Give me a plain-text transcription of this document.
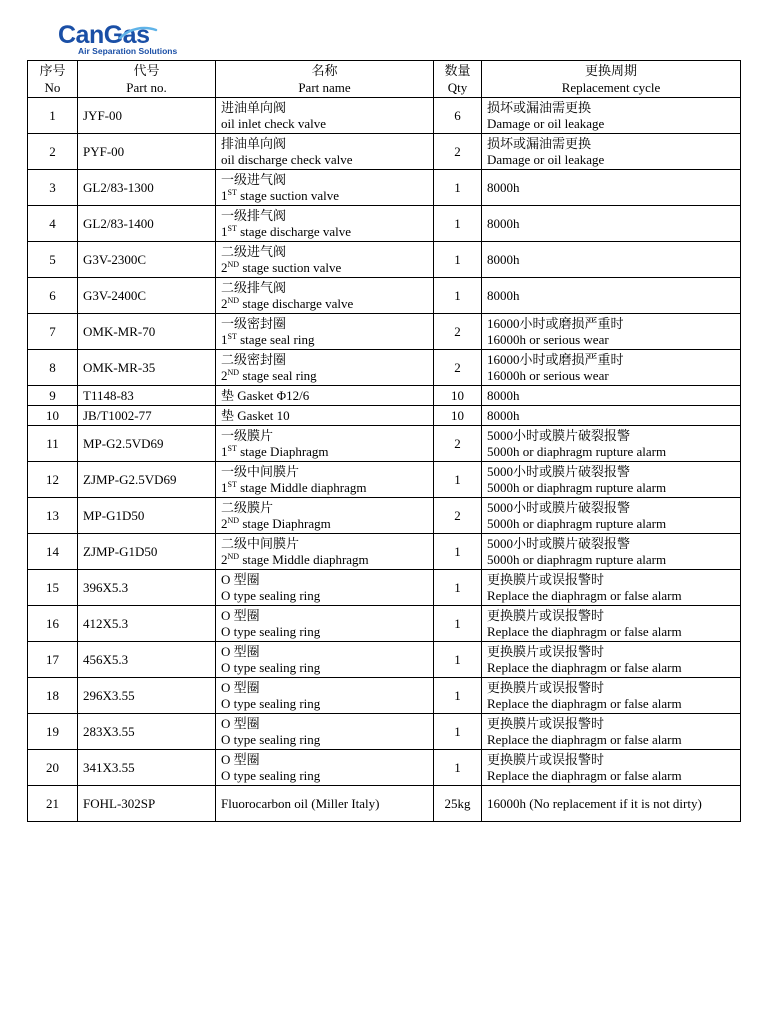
CanGas
Air Separation Solutions
序号
No	代号
Part no.	名称
Part name	数量
Qty	更换周期
Replacement cycle

1	JYF-00	进油单向阀
oil inlet check valve	6	损坏或漏油需更换
Damage or oil leakage

2	PYF-00	排油单向阀
oil discharge check valve	2	损坏或漏油需更换
Damage or oil leakage

3	GL2/83-1300	一级进气阀
1ST stage suction valve	1	8000h

4	GL2/83-1400	一级排气阀
1ST stage discharge valve	1	8000h

5	G3V-2300C	二级进气阀
2ND stage suction valve	1	8000h

6	G3V-2400C	二级排气阀
2ND stage discharge valve	1	8000h

7	OMK-MR-70	一级密封圈
1ST stage seal ring	2	16000小时或磨损严重时
16000h or serious wear

8	OMK-MR-35	二级密封圈
2ND stage seal ring	2	16000小时或磨损严重时
16000h or serious wear

9	T1148-83	垫 Gasket Φ12/6	10	8000h

10	JB/T1002-77	垫 Gasket 10	10	8000h

11	MP-G2.5VD69	一级膜片
1ST stage Diaphragm	2	5000小时或膜片破裂报警
5000h or diaphragm rupture alarm

12	ZJMP-G2.5VD69	一级中间膜片
1ST stage Middle diaphragm	1	5000小时或膜片破裂报警
5000h or diaphragm rupture alarm

13	MP-G1D50	二级膜片
2ND stage Diaphragm	2	5000小时或膜片破裂报警
5000h or diaphragm rupture alarm

14	ZJMP-G1D50	二级中间膜片
2ND stage Middle diaphragm	1	5000小时或膜片破裂报警
5000h or diaphragm rupture alarm

15	396X5.3	O 型圈
O type sealing ring	1	更换膜片或误报警时
Replace the diaphragm or false alarm

16	412X5.3	O 型圈
O type sealing ring	1	更换膜片或误报警时
Replace the diaphragm or false alarm

17	456X5.3	O 型圈
O type sealing ring	1	更换膜片或误报警时
Replace the diaphragm or false alarm

18	296X3.55	O 型圈
O type sealing ring	1	更换膜片或误报警时
Replace the diaphragm or false alarm

19	283X3.55	O 型圈
O type sealing ring	1	更换膜片或误报警时
Replace the diaphragm or false alarm

20	341X3.55	O 型圈
O type sealing ring	1	更换膜片或误报警时
Replace the diaphragm or false alarm

21	FOHL-302SP	Fluorocarbon oil (Miller Italy)	25kg	16000h (No replacement if it is not dirty)
